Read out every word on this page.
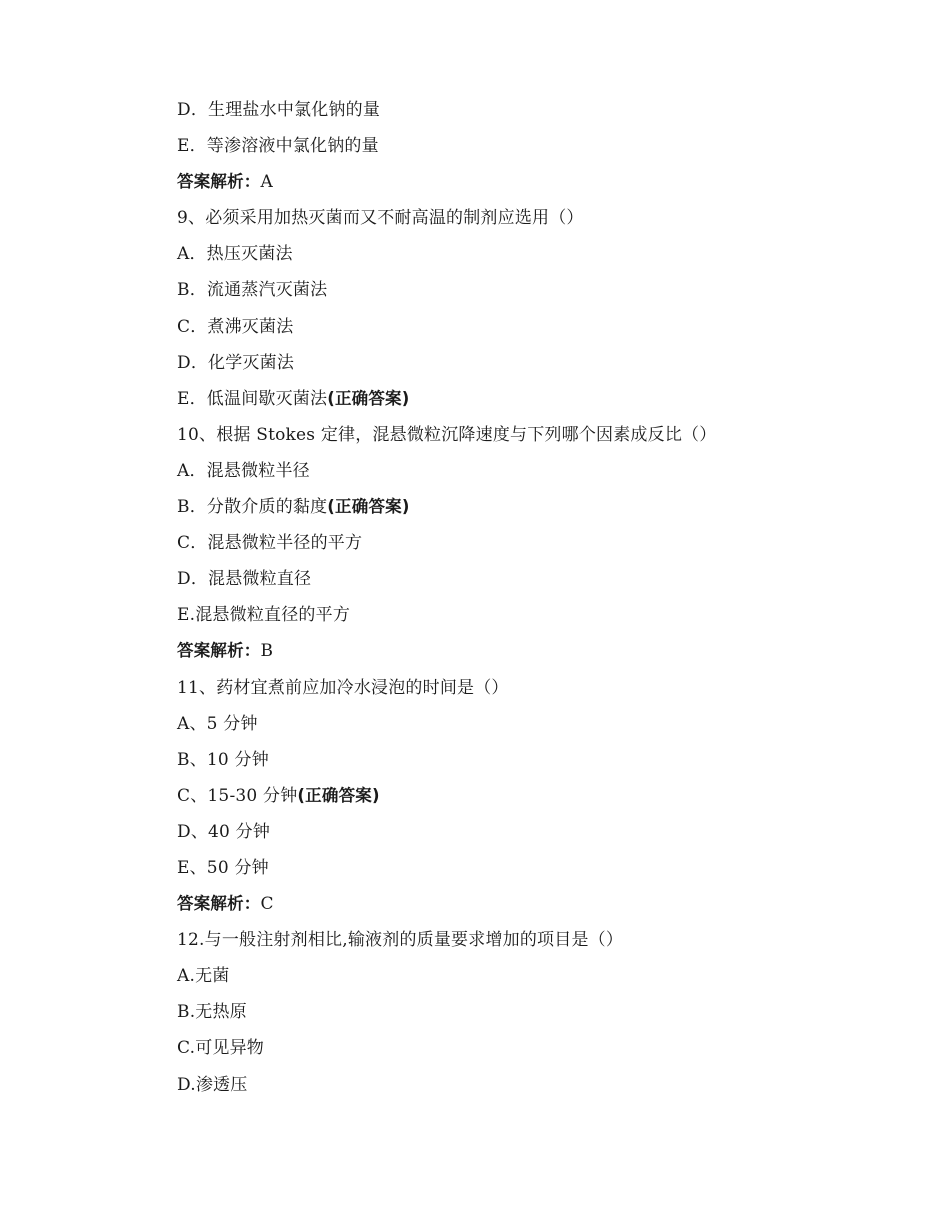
D．生理盐水中氯化钠的量
E．等渗溶液中氯化钠的量
答案解析：A
9、必须采用加热灭菌而又不耐高温的制剂应选用（）
A．热压灭菌法
B．流通蒸汽灭菌法
C．煮沸灭菌法
D．化学灭菌法
E．低温间歇灭菌法(正确答案)
10、根据 Stokes 定律，混悬微粒沉降速度与下列哪个因素成反比（）
A．混悬微粒半径
B．分散介质的黏度(正确答案)
C．混悬微粒半径的平方
D．混悬微粒直径
E.混悬微粒直径的平方
答案解析：B
11、药材宜煮前应加冷水浸泡的时间是（）
A、5 分钟
B、10 分钟
C、15-30 分钟(正确答案)
D、40 分钟
E、50 分钟
答案解析：C
12.与一般注射剂相比,输液剂的质量要求增加的项目是（）
A.无菌
B.无热原
C.可见异物
D.渗透压
